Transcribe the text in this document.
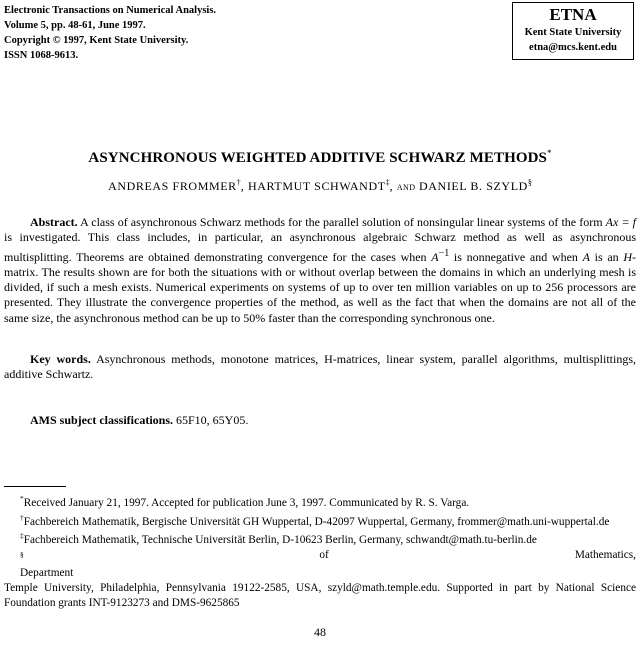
Electronic Transactions on Numerical Analysis.
Volume 5, pp. 48-61, June 1997.
Copyright © 1997, Kent State University.
ISSN 1068-9613.
ETNA
Kent State University
etna@mcs.kent.edu
ASYNCHRONOUS WEIGHTED ADDITIVE SCHWARZ METHODS*
ANDREAS FROMMER†, HARTMUT SCHWANDT‡, and DANIEL B. SZYLD§
Abstract. A class of asynchronous Schwarz methods for the parallel solution of nonsingular linear systems of the form Ax = f is investigated. This class includes, in particular, an asynchronous algebraic Schwarz method as well as asynchronous multisplitting. Theorems are obtained demonstrating convergence for the cases when $A^{-1}$ is nonnegative and when A is an H-matrix. The results shown are for both the situations with or without overlap between the domains in which an underlying mesh is divided, if such a mesh exists. Numerical experiments on systems of up to over ten million variables on up to 256 processors are presented. They illustrate the convergence properties of the method, as well as the fact that when the domains are not all of the same size, the asynchronous method can be up to 50% faster than the corresponding synchronous one.
Key words. Asynchronous methods, monotone matrices, H-matrices, linear system, parallel algorithms, multisplittings, additive Schwartz.
AMS subject classifications. 65F10, 65Y05.

*Received January 21, 1997. Accepted for publication June 3, 1997. Communicated by R. S. Varga.

†Fachbereich Mathematik, Bergische Universität GH Wuppertal, D-42097 Wuppertal, Germany, frommer@math.uni-wuppertal.de

‡Fachbereich Mathematik, Technische Universität Berlin, D-10623 Berlin, Germany, schwandt@math.tu-berlin.de

§
Department
of	Mathematics,

Temple University, Philadelphia, Pennsylvania 19122-2585, USA, szyld@math.temple.edu. Supported in part by National Science Foundation grants INT-9123273 and DMS-9625865

48
